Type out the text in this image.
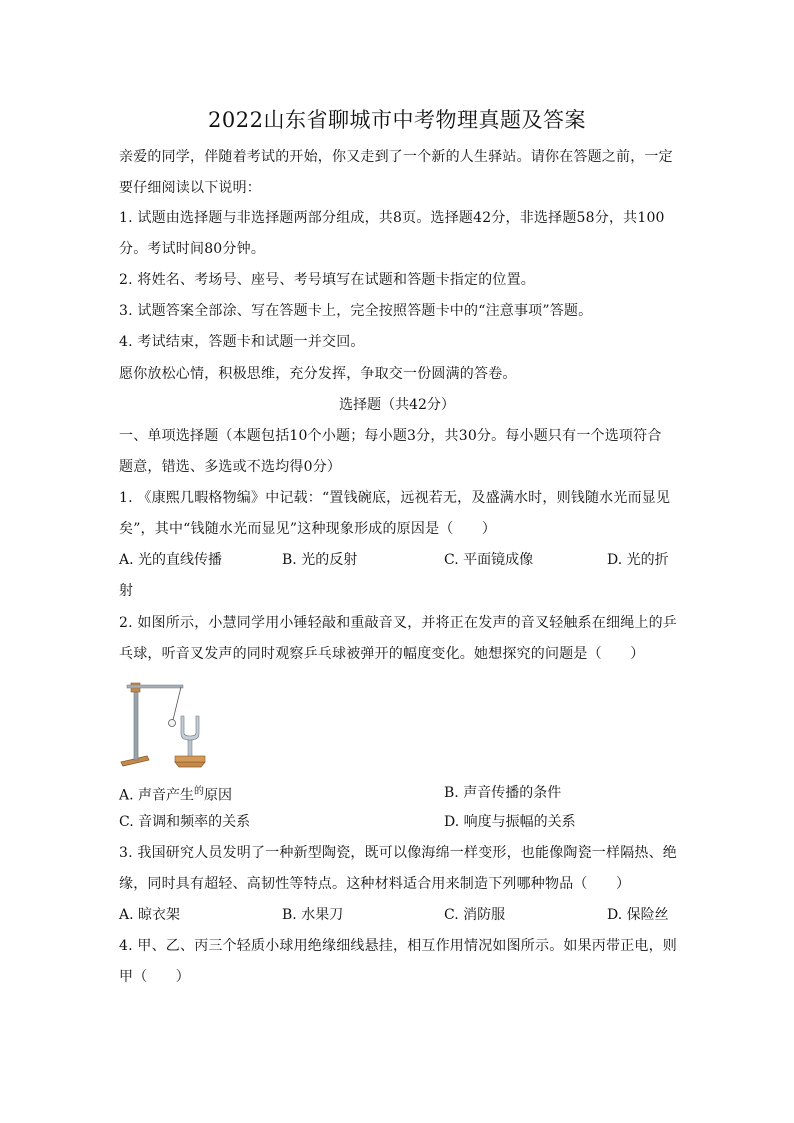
2022山东省聊城市中考物理真题及答案
亲爱的同学，伴随着考试的开始，你又走到了一个新的人生驿站。请你在答题之前，一定
要仔细阅读以下说明：
1. 试题由选择题与非选择题两部分组成，共8页。选择题42分，非选择题58分，共100
分。考试时间80分钟。
2. 将姓名、考场号、座号、考号填写在试题和答题卡指定的位置。
3. 试题答案全部涂、写在答题卡上，完全按照答题卡中的“注意事项”答题。
4. 考试结束，答题卡和试题一并交回。
愿你放松心情，积极思维，充分发挥，争取交一份圆满的答卷。
选择题（共42分）
一、单项选择题（本题包括10个小题；每小题3分，共30分。每小题只有一个选项符合
题意，错选、多选或不选均得0分）
1. 《康熙几暇格物编》中记载：“置钱碗底，远视若无，及盛满水时，则钱随水光而显见
矣”，其中“钱随水光而显见”这种现象形成的原因是（　　）
A. 光的直线传播	B. 光的反射	C. 平面镜成像	D. 光的折
射
2. 如图所示，小慧同学用小锤轻敲和重敲音叉，并将正在发声的音叉轻触系在细绳上的乒
乓球，听音叉发声的同时观察乒乓球被弹开的幅度变化。她想探究的问题是（　　）
A. 声音产生$^的$原因	B. 声音传播的条件
C. 音调和频率的关系	D. 响度与振幅的关系
3. 我国研究人员发明了一种新型陶瓷，既可以像海绵一样变形，也能像陶瓷一样隔热、绝
缘，同时具有超轻、高韧性等特点。这种材料适合用来制造下列哪种物品（　　）
A. 晾衣架	B. 水果刀	C. 消防服	D. 保险丝
4. 甲、乙、丙三个轻质小球用绝缘细线悬挂，相互作用情况如图所示。如果丙带正电，则
甲（　　）
